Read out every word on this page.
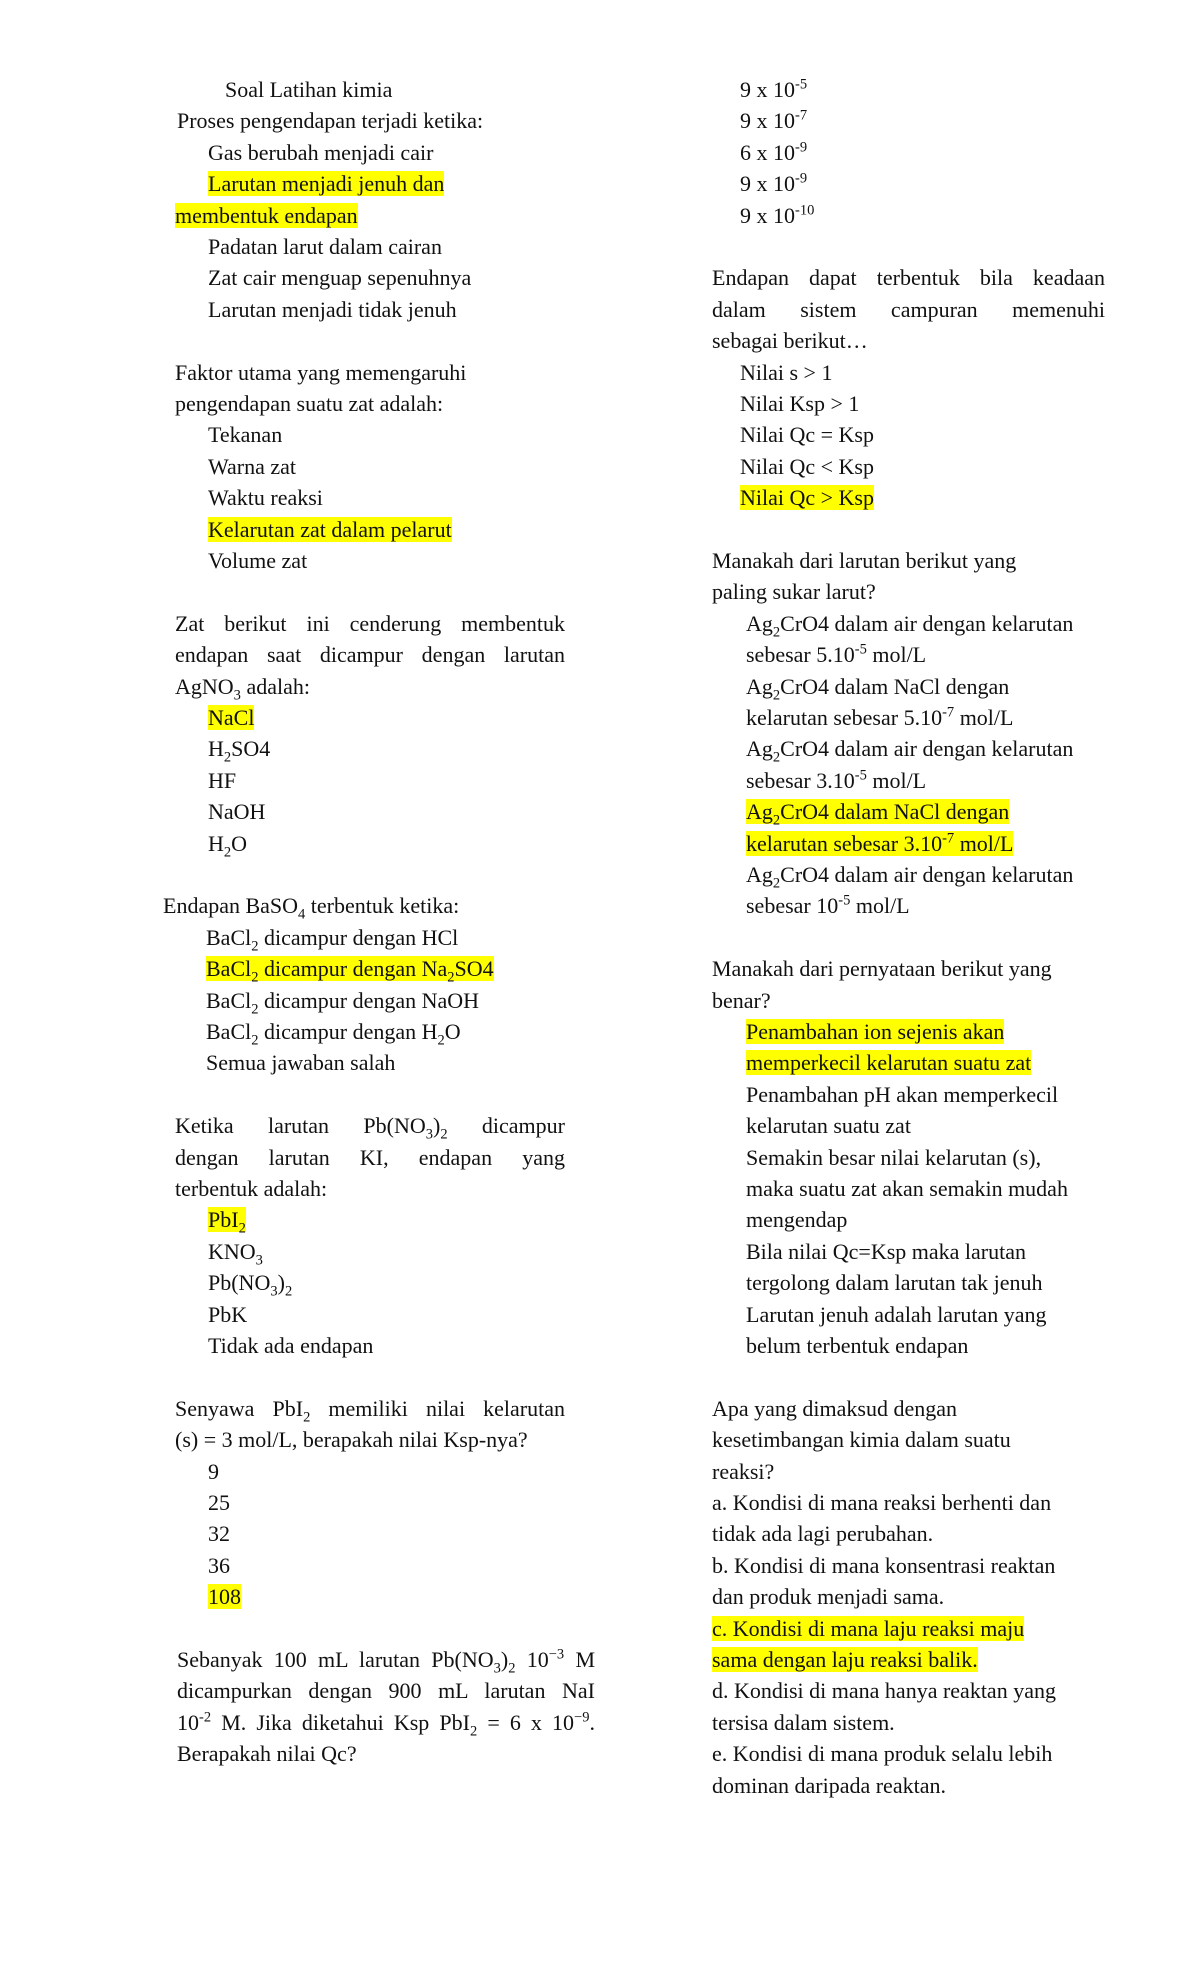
Soal Latihan kimia
Proses pengendapan terjadi ketika:
Gas berubah menjadi cair
Larutan menjadi jenuh dan
membentuk endapan
Padatan larut dalam cairan
Zat cair menguap sepenuhnya
Larutan menjadi tidak jenuh
Faktor utama yang memengaruhi
pengendapan suatu zat adalah:
Tekanan
Warna zat
Waktu reaksi
Kelarutan zat dalam pelarut
Volume zat
Zat berikut ini cenderung membentuk
endapan saat dicampur dengan larutan
AgNO$_3$ adalah:
NaCl
$H_2SO4$
HF
NaOH
$H_2O$
Endapan BaSO$_4$ terbentuk ketika:
BaCl$_2$ dicampur dengan HCl
BaCl$_2$ dicampur dengan $Na_2SO4$
BaCl$_2$ dicampur dengan NaOH
BaCl$_2$ dicampur dengan $H_2O$
Semua jawaban salah
Ketika larutan $Pb(NO_3)_2$ dicampur
dengan larutan KI, endapan yang
terbentuk adalah:
PbI$_2$
$KNO_3$
$Pb(NO_3)_2$
PbK
Tidak ada endapan
Senyawa PbI$_2$ memiliki nilai kelarutan
(s) = 3 mol/L, berapakah nilai Ksp-nya?
9
25
32
36
108
Sebanyak 100 mL larutan $Pb(NO_3)_2$ $10^{-3}$ M
dicampurkan dengan 900 mL larutan NaI
$10^{-2}$ M. Jika diketahui Ksp PbI$_2$ = 6 x $10^{-9}$.
Berapakah nilai Qc?
9 x $10^{-5}$
9 x $10^{-7}$
6 x $10^{-9}$
9 x $10^{-9}$
9 x $10^{-10}$
Endapan dapat terbentuk bila keadaan
dalam sistem campuran memenuhi
sebagai berikut…
Nilai s > 1
Nilai Ksp > 1
Nilai Qc = Ksp
Nilai Qc < Ksp
Nilai Qc > Ksp
Manakah dari larutan berikut yang
paling sukar larut?
$Ag_2CrO4$ dalam air dengan kelarutan
sebesar $5.10^{-5}$ mol/L
$Ag_2CrO4$ dalam NaCl dengan
kelarutan sebesar $5.10^{-7}$ mol/L
$Ag_2CrO4$ dalam air dengan kelarutan
sebesar $3.10^{-5}$ mol/L
$Ag_2CrO4$ dalam NaCl dengan
kelarutan sebesar $3.10^{-7}$ mol/L
$Ag_2CrO4$ dalam air dengan kelarutan
sebesar $10^{-5}$ mol/L
Manakah dari pernyataan berikut yang
benar?
Penambahan ion sejenis akan
memperkecil kelarutan suatu zat
Penambahan pH akan memperkecil
kelarutan suatu zat
Semakin besar nilai kelarutan (s),
maka suatu zat akan semakin mudah
mengendap
Bila nilai Qc=Ksp maka larutan
tergolong dalam larutan tak jenuh
Larutan jenuh adalah larutan yang
belum terbentuk endapan
Apa yang dimaksud dengan
kesetimbangan kimia dalam suatu
reaksi?
a. Kondisi di mana reaksi berhenti dan
tidak ada lagi perubahan.
b. Kondisi di mana konsentrasi reaktan
dan produk menjadi sama.
c. Kondisi di mana laju reaksi maju
sama dengan laju reaksi balik.
d. Kondisi di mana hanya reaktan yang
tersisa dalam sistem.
e. Kondisi di mana produk selalu lebih
dominan daripada reaktan.
